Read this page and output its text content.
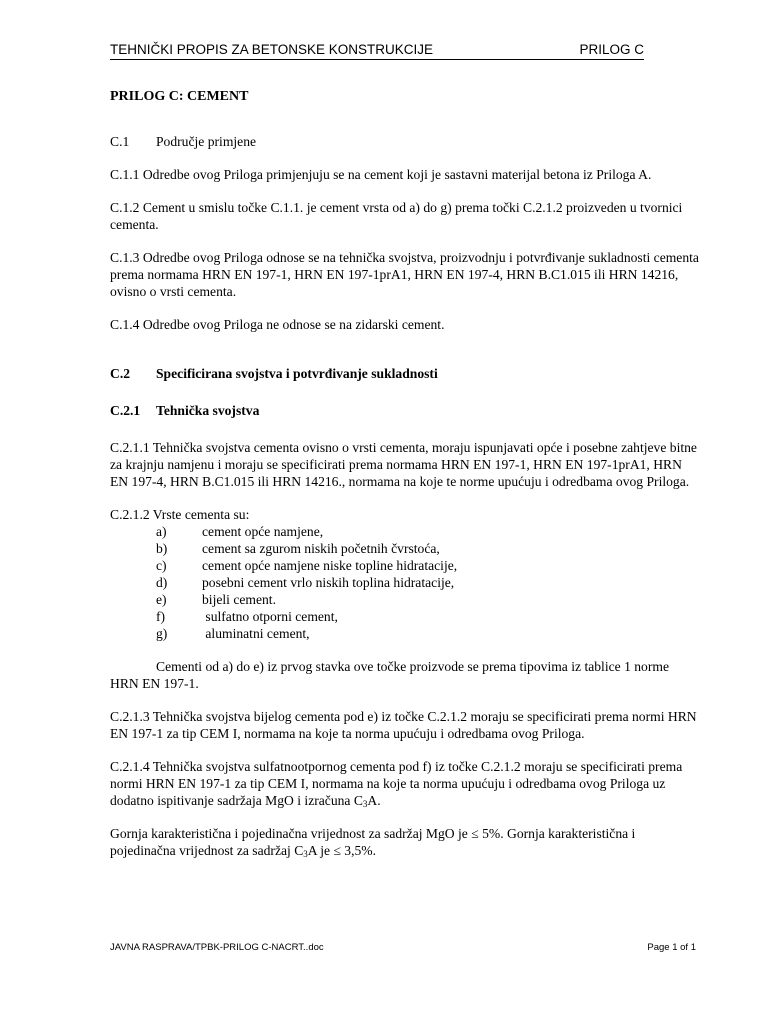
TEHNIČKI PROPIS ZA BETONSKE KONSTRUKCIJE	PRILOG C
PRILOG C: CEMENT

C.1	Područje primjene

C.1.1 Odredbe ovog Priloga primjenjuju se na cement koji je sastavni materijal betona iz Priloga A.

C.1.2 Cement u smislu točke C.1.1. je cement vrsta od a) do g) prema točki C.2.1.2 proizveden u tvornici cementa.

C.1.3 Odredbe ovog Priloga odnose se na tehnička svojstva, proizvodnju i potvrđivanje sukladnosti cementa prema normama HRN EN 197-1, HRN EN 197-1prA1, HRN EN 197-4, HRN B.C1.015 ili HRN 14216, ovisno o vrsti cementa.

C.1.4 Odredbe ovog Priloga ne odnose se na zidarski cement.

C.2	Specificirana svojstva i potvrđivanje sukladnosti

C.2.1	Tehnička svojstva

C.2.1.1 Tehnička svojstva cementa ovisno o vrsti cementa, moraju ispunjavati opće i posebne zahtjeve bitne za krajnju namjenu i moraju se specificirati prema normama HRN EN 197-1, HRN EN 197-1prA1, HRN EN 197-4, HRN B.C1.015 ili HRN 14216., normama na koje te norme upućuju i odredbama ovog Priloga.

C.2.1.2 Vrste cementa su:
a)	cement opće namjene,
b)	cement sa zgurom niskih početnih čvrstoća,
c)	cement opće namjene niske topline hidratacije,
d)	posebni cement vrlo niskih toplina hidratacije,
e)	bijeli cement.
f)	sulfatno otporni cement,
g)	aluminatni cement,

Cementi od a) do e) iz prvog stavka ove točke proizvode se prema tipovima iz tablice 1 norme HRN EN 197-1.

C.2.1.3 Tehnička svojstva bijelog cementa pod e) iz točke C.2.1.2 moraju se specificirati prema normi HRN EN 197-1 za tip CEM I, normama na koje ta norma upućuju i odredbama ovog Priloga.

C.2.1.4 Tehnička svojstva sulfatnootpornog cementa pod f) iz točke C.2.1.2 moraju se specificirati prema normi HRN EN 197-1 za tip CEM I, normama na koje ta norma upućuju i odredbama ovog Priloga uz dodatno ispitivanje sadržaja MgO i izračuna $C_3A$.

Gornja karakteristična i pojedinačna vrijednost za sadržaj MgO je ≤ 5%. Gornja karakteristična i pojedinačna vrijednost za sadržaj $C_3A$ je ≤ 3,5%.

JAVNA RASPRAVA/TPBK-PRILOG C-NACRT..doc	Page 1 of 1
